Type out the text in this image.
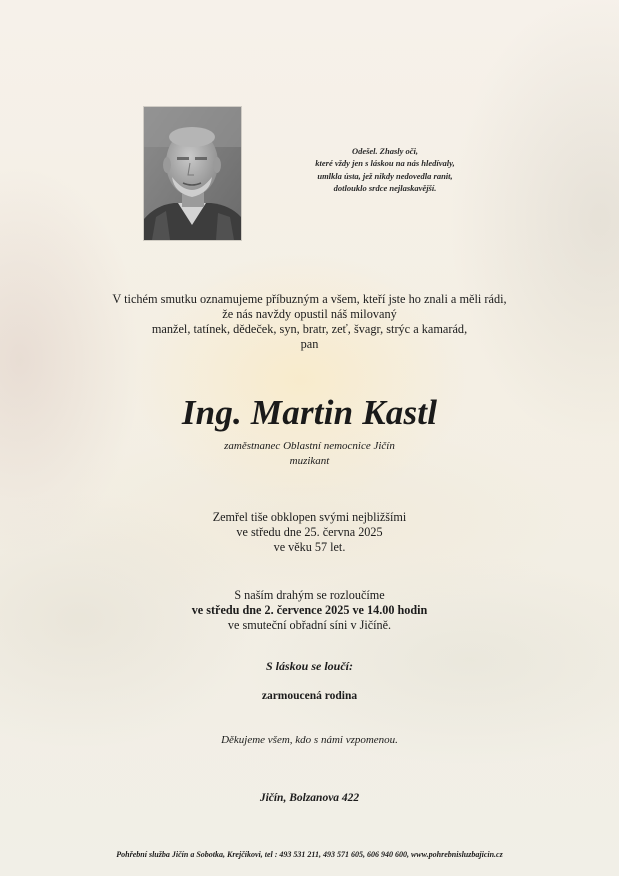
Odešel. Zhasly oči,
které vždy jen s láskou na nás hledívaly,
umlkla ústa, jež nikdy nedovedla ranit,
dotlouklo srdce nejlaskavější.
V tichém smutku oznamujeme příbuzným a všem, kteří jste ho znali a měli rádi,
že nás navždy opustil náš milovaný
manžel, tatínek, dědeček, syn, bratr, zeť, švagr, strýc a kamarád,
pan
Ing. Martin Kastl
zaměstnanec Oblastní nemocnice Jičín
muzikant
Zemřel tiše obklopen svými nejbližšími
ve středu dne 25. června 2025
ve věku 57 let.
S naším drahým se rozloučíme
ve středu dne 2. července 2025 ve 14.00 hodin
ve smuteční obřadní síni v Jičíně.
S láskou se loučí:
zarmoucená rodina
Děkujeme všem, kdo s námi vzpomenou.
Jičín, Bolzanova 422
Pohřební služba Jičín a Sobotka, Krejčíkovi, tel : 493 531 211, 493 571 605, 606 940 600, www.pohrebnisluzbajicin.cz
